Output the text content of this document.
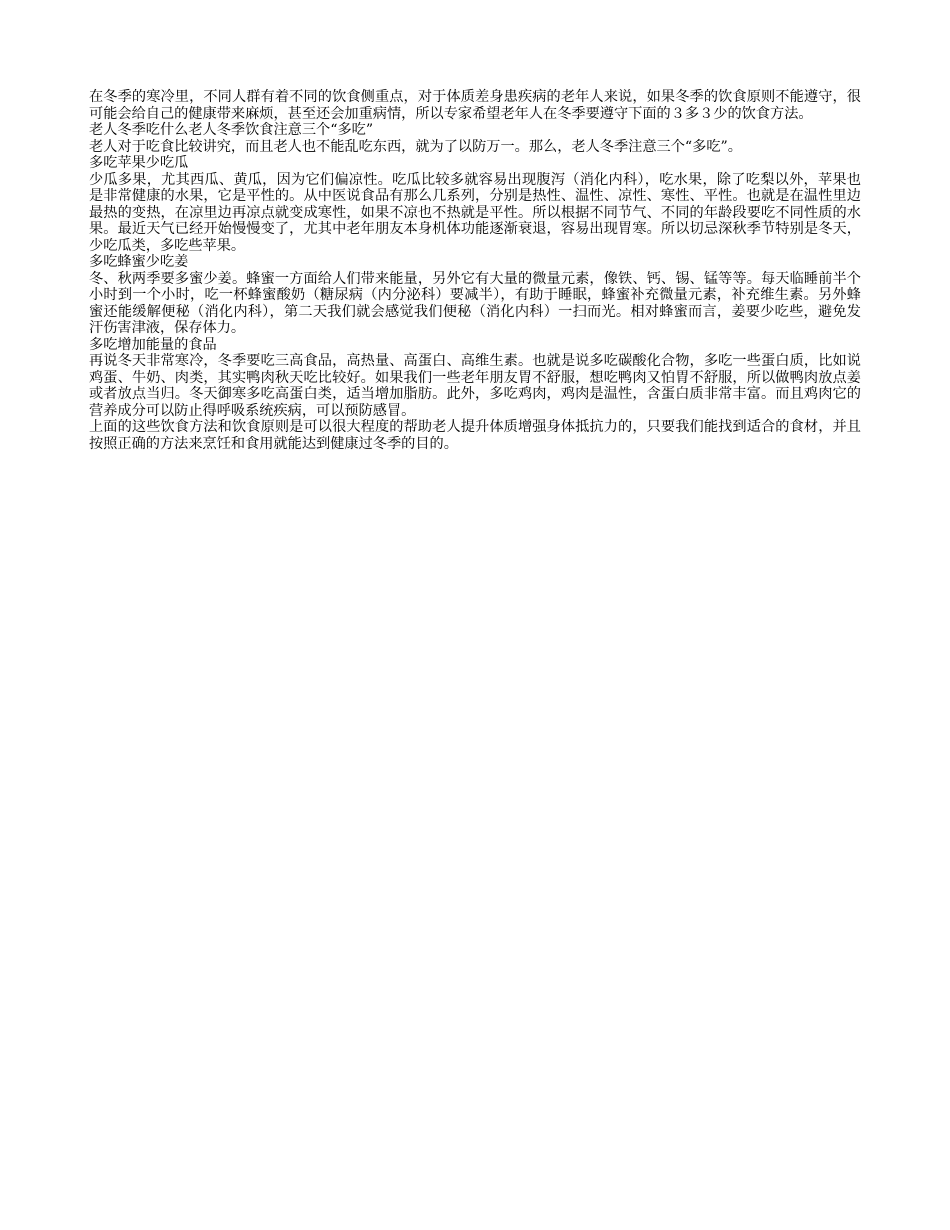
在冬季的寒冷里，不同人群有着不同的饮食侧重点，对于体质差身患疾病的老年人来说，如果冬季的饮食原则不能遵守，很可能会给自己的健康带来麻烦，甚至还会加重病情，所以专家希望老年人在冬季要遵守下面的３多３少的饮食方法。

老人冬季吃什么老人冬季饮食注意三个“多吃”

老人对于吃食比较讲究，而且老人也不能乱吃东西，就为了以防万一。那么，老人冬季注意三个“多吃”。

多吃苹果少吃瓜

少瓜多果，尤其西瓜、黄瓜，因为它们偏凉性。吃瓜比较多就容易出现腹泻（消化内科），吃水果，除了吃梨以外，苹果也是非常健康的水果，它是平性的。从中医说食品有那么几系列，分别是热性、温性、凉性、寒性、平性。也就是在温性里边最热的变热，在凉里边再凉点就变成寒性，如果不凉也不热就是平性。所以根据不同节气、不同的年龄段要吃不同性质的水果。最近天气已经开始慢慢变了，尤其中老年朋友本身机体功能逐渐衰退，容易出现胃寒。所以切忌深秋季节特别是冬天，少吃瓜类，多吃些苹果。

多吃蜂蜜少吃姜

冬、秋两季要多蜜少姜。蜂蜜一方面给人们带来能量，另外它有大量的微量元素，像铁、钙、锡、锰等等。每天临睡前半个小时到一个小时，吃一杯蜂蜜酸奶（糖尿病（内分泌科）要减半），有助于睡眠，蜂蜜补充微量元素，补充维生素。另外蜂蜜还能缓解便秘（消化内科），第二天我们就会感觉我们便秘（消化内科）一扫而光。相对蜂蜜而言，姜要少吃些，避免发汗伤害津液，保存体力。

多吃增加能量的食品

再说冬天非常寒冷，冬季要吃三高食品，高热量、高蛋白、高维生素。也就是说多吃碳酸化合物，多吃一些蛋白质，比如说鸡蛋、牛奶、肉类，其实鸭肉秋天吃比较好。如果我们一些老年朋友胃不舒服，想吃鸭肉又怕胃不舒服，所以做鸭肉放点姜或者放点当归。冬天御寒多吃高蛋白类，适当增加脂肪。此外，多吃鸡肉，鸡肉是温性，含蛋白质非常丰富。而且鸡肉它的营养成分可以防止得呼吸系统疾病，可以预防感冒。

上面的这些饮食方法和饮食原则是可以很大程度的帮助老人提升体质增强身体抵抗力的，只要我们能找到适合的食材，并且按照正确的方法来烹饪和食用就能达到健康过冬季的目的。
